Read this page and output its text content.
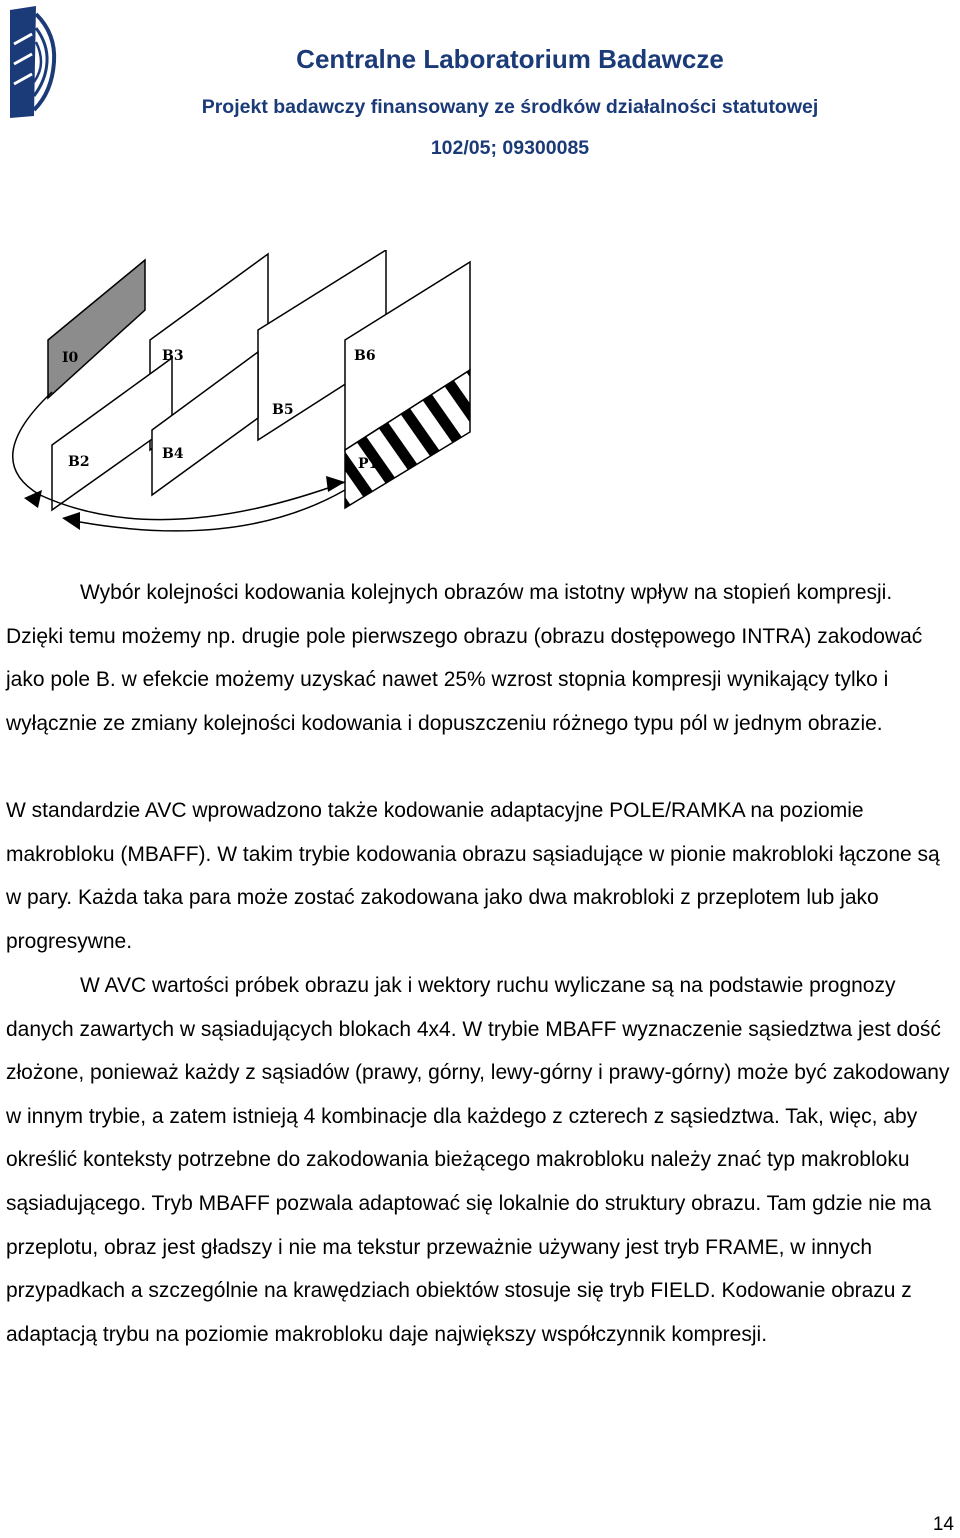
Centralne Laboratorium Badawcze
Projekt badawczy finansowany ze środków działalności statutowej
102/05; 09300085
I0	B3	B6
B5
B2	B4
P1

Wybór kolejności kodowania kolejnych obrazów ma istotny wpływ na stopień kompresji. Dzięki temu możemy np. drugie pole pierwszego obrazu (obrazu dostępowego INTRA) zakodować jako pole B. w efekcie możemy uzyskać nawet 25% wzrost stopnia kompresji wynikający tylko i wyłącznie ze zmiany kolejności kodowania i dopuszczeniu różnego typu pól w jednym obrazie.

W standardzie AVC wprowadzono także kodowanie adaptacyjne POLE/RAMKA na poziomie makrobloku (MBAFF). W takim trybie kodowania obrazu sąsiadujące w pionie makrobloki łączone są w pary. Każda taka para może zostać zakodowana jako dwa makrobloki z przeplotem lub jako progresywne.

W AVC wartości próbek obrazu jak i wektory ruchu wyliczane są na podstawie prognozy danych zawartych w sąsiadujących blokach 4x4. W trybie MBAFF wyznaczenie sąsiedztwa jest dość złożone, ponieważ każdy z sąsiadów (prawy, górny, lewy-górny i prawy-górny) może być zakodowany w innym trybie, a zatem istnieją 4 kombinacje dla każdego z czterech z sąsiedztwa. Tak, więc, aby określić konteksty potrzebne do zakodowania bieżącego makrobloku należy znać typ makrobloku sąsiadującego. Tryb MBAFF pozwala adaptować się lokalnie do struktury obrazu. Tam gdzie nie ma przeplotu, obraz jest gładszy i nie ma tekstur przeważnie używany jest tryb FRAME, w innych przypadkach a szczególnie na krawędziach obiektów stosuje się tryb FIELD. Kodowanie obrazu z adaptacją trybu na poziomie makrobloku daje największy współczynnik kompresji.

14
